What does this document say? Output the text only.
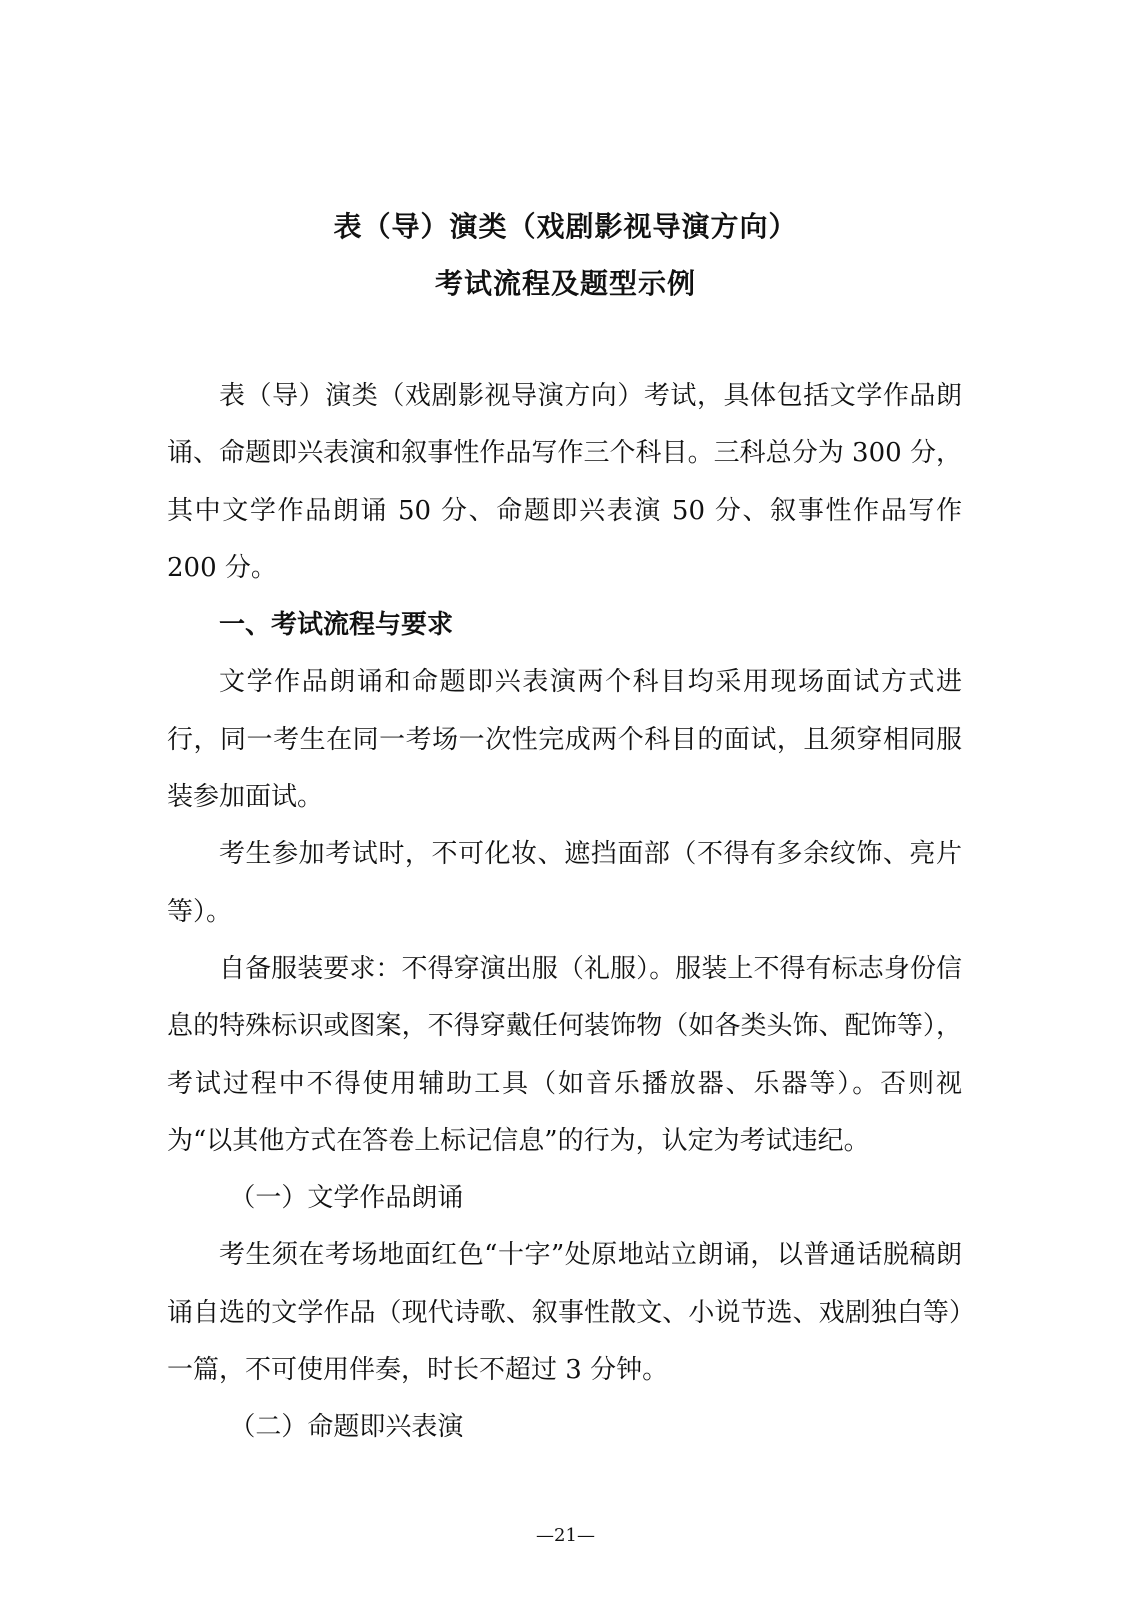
表（导）演类（戏剧影视导演方向）
考试流程及题型示例

表（导）演类（戏剧影视导演方向）考试，具体包括文学作品朗诵、命题即兴表演和叙事性作品写作三个科目。三科总分为 300 分，其中文学作品朗诵 50 分、命题即兴表演 50 分、叙事性作品写作 200 分。

一、考试流程与要求

文学作品朗诵和命题即兴表演两个科目均采用现场面试方式进行，同一考生在同一考场一次性完成两个科目的面试，且须穿相同服装参加面试。

考生参加考试时，不可化妆、遮挡面部（不得有多余纹饰、亮片等）。

自备服装要求：不得穿演出服（礼服）。服装上不得有标志身份信息的特殊标识或图案，不得穿戴任何装饰物（如各类头饰、配饰等），考试过程中不得使用辅助工具（如音乐播放器、乐器等）。否则视为“以其他方式在答卷上标记信息”的行为，认定为考试违纪。

（一）文学作品朗诵

考生须在考场地面红色“十字”处原地站立朗诵，以普通话脱稿朗诵自选的文学作品（现代诗歌、叙事性散文、小说节选、戏剧独白等）一篇，不可使用伴奏，时长不超过 3 分钟。

（二）命题即兴表演

—21—
